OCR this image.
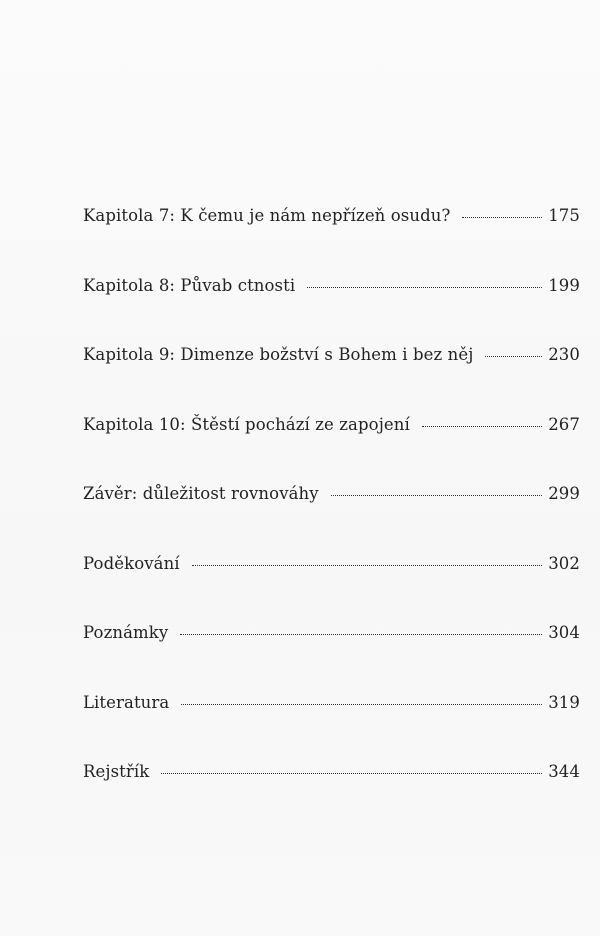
Kapitola 7: K čemu je nám nepřízeň osudu?	175
Kapitola 8: Půvab ctnosti	199
Kapitola 9: Dimenze božství s Bohem i bez něj	230
Kapitola 10: Štěstí pochází ze zapojení	267
Závěr: důležitost rovnováhy	299
Poděkování	302
Poznámky	304
Literatura	319
Rejstřík	344
